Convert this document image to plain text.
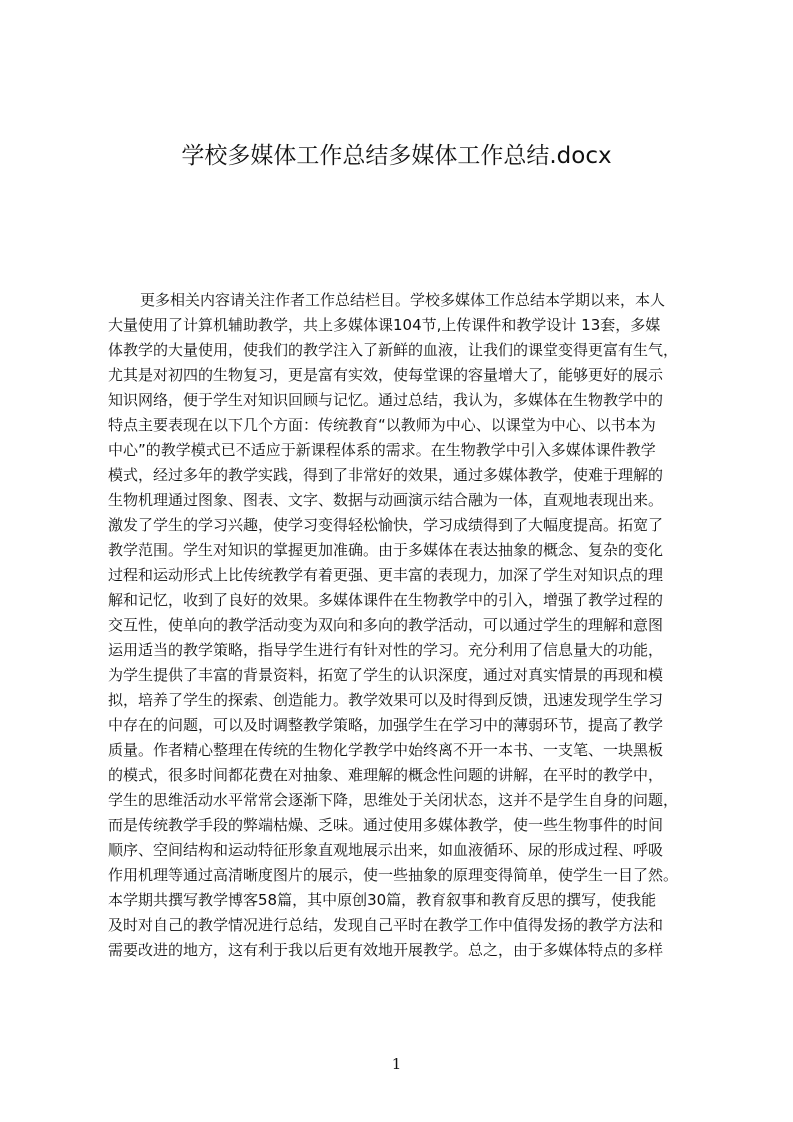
学校多媒体工作总结多媒体工作总结.docx
更多相关内容请关注作者工作总结栏目。学校多媒体工作总结本学期以来，本人
大量使用了计算机辅助教学，共上多媒体课104节,上传课件和教学设计 13套，多媒
体教学的大量使用，使我们的教学注入了新鲜的血液，让我们的课堂变得更富有生气，
尤其是对初四的生物复习，更是富有实效，使每堂课的容量增大了，能够更好的展示
知识网络，便于学生对知识回顾与记忆。通过总结，我认为，多媒体在生物教学中的
特点主要表现在以下几个方面：传统教育“以教师为中心、以课堂为中心、以书本为
中心”的教学模式已不适应于新课程体系的需求。在生物教学中引入多媒体课件教学
模式，经过多年的教学实践，得到了非常好的效果，通过多媒体教学，使难于理解的
生物机理通过图象、图表、文字、数据与动画演示结合融为一体，直观地表现出来。
激发了学生的学习兴趣，使学习变得轻松愉快，学习成绩得到了大幅度提高。拓宽了
教学范围。学生对知识的掌握更加准确。由于多媒体在表达抽象的概念、复杂的变化
过程和运动形式上比传统教学有着更强、更丰富的表现力，加深了学生对知识点的理
解和记忆，收到了良好的效果。多媒体课件在生物教学中的引入，增强了教学过程的
交互性，使单向的教学活动变为双向和多向的教学活动，可以通过学生的理解和意图
运用适当的教学策略，指导学生进行有针对性的学习。充分利用了信息量大的功能，
为学生提供了丰富的背景资料，拓宽了学生的认识深度，通过对真实情景的再现和模
拟，培养了学生的探索、创造能力。教学效果可以及时得到反馈，迅速发现学生学习
中存在的问题，可以及时调整教学策略，加强学生在学习中的薄弱环节，提高了教学
质量。作者精心整理在传统的生物化学教学中始终离不开一本书、一支笔、一块黑板
的模式，很多时间都花费在对抽象、难理解的概念性问题的讲解，在平时的教学中，
学生的思维活动水平常常会逐渐下降，思维处于关闭状态，这并不是学生自身的问题，
而是传统教学手段的弊端枯燥、乏味。通过使用多媒体教学，使一些生物事件的时间
顺序、空间结构和运动特征形象直观地展示出来，如血液循环、尿的形成过程、呼吸
作用机理等通过高清晰度图片的展示，使一些抽象的原理变得简单，使学生一目了然。
本学期共撰写教学博客58篇，其中原创30篇，教育叙事和教育反思的撰写，使我能
及时对自己的教学情况进行总结，发现自己平时在教学工作中值得发扬的教学方法和
需要改进的地方，这有利于我以后更有效地开展教学。总之，由于多媒体特点的多样
1
